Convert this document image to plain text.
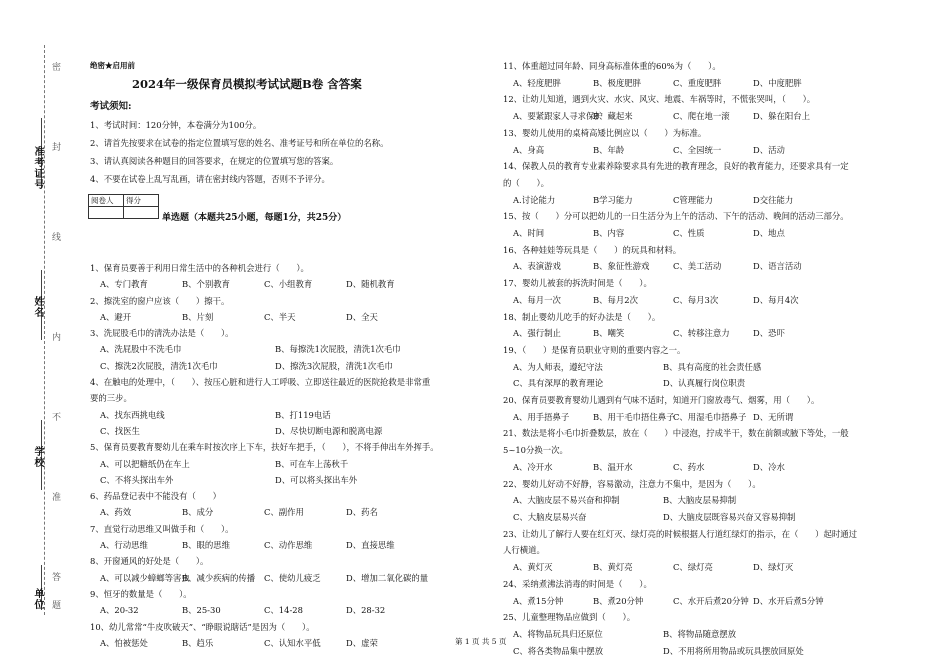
准考证号
姓名
学校
单位
密
封
线
内
不
准
答
题
绝密★启用前
2024年一级保育员模拟考试试题B卷 含答案
考试须知:

1、考试时间：120分钟，本卷满分为100分。

2、请首先按要求在试卷的指定位置填写您的姓名、准考证号和所在单位的名称。

3、请认真阅读各种题目的回答要求，在规定的位置填写您的答案。

4、不要在试卷上乱写乱画，请在密封线内答题，否则不予评分。

阅卷人	得分

单选题（本题共25小题，每题1分，共25分）

1、保育员要善于利用日常生活中的各种机会进行（　　）。

A、专门教育	B、个别教育	C、小组教育	D、随机教育

2、擦洗室的窗户应该（　　）擦干。

A、避开	B、片刻	C、半天	D、全天

3、洗屁股毛巾的清洗办法是（　　）。

A、洗屁股中不洗毛巾	B、每擦洗1次屁股，清洗1次毛巾

C、擦洗2次屁股，清洗1次毛巾	D、擦洗3次屁股，清洗1次毛巾

4、在触电的处理中，（　　）、按压心脏和进行人工呼吸、立即送往最近的医院抢救是非常重

要的三步。

A、找东西挑电线	B、打119电话

C、找医生	D、尽快切断电源和脱离电源

5、保育员要教育婴幼儿在乘车时按次序上下车，扶好车把手，（　　），不将手伸出车外挥手。

A、可以把糖纸仍在车上	B、可在车上荡秋千

C、不将头探出车外	D、可以将头探出车外

6、药品登记表中不能没有（　　）

A、药效	B、成分	C、副作用	D、药名

7、直觉行动思维又叫做手和（　　）。

A、行动思维	B、眼的思维	C、动作思维	D、直接思维

8、开窗通风的好处是（　　）。

A、可以减少蟑螂等害虫
B、减少疾病的传播	C、使幼儿疲乏	D、增加二氧化碳的量

9、恒牙的数量是（　　）。

A、20-32	B、25-30	C、14-28	D、28-32

10、幼儿常常“牛皮吹破天”、“睁眼说瞎话”是因为（　　）。

A、怕被惩处	B、趋乐	C、认知水平低	D、虚荣

11、体重超过同年龄、同身高标准体重的60%为（　　）。

A、轻度肥胖	B、极度肥胖	C、重度肥胖	D、中度肥胖

12、让幼儿知道，遇到火灾、水灾、风灾、地震、车祸等时，不慌张哭叫，（　　）。

A、要紧跟家人寻求保护
B、藏起来	C、爬在地一滚	D、躲在阳台上

13、婴幼儿使用的桌椅高矮比例应以（　　）为标准。

A、身高	B、年龄	C、全园统一	D、活动

14、保教人员的教育专业素养除要求具有先进的教育理念，良好的教育能力，还要求具有一定

的（　　）。

A.讨论能力	B学习能力	C管理能力	D交往能力

15、按（　　）分可以把幼儿的一日生活分为上午的活动、下午的活动、晚间的活动三部分。

A、时间	B、内容	C、性质	D、地点

16、各种娃娃等玩具是（　　）的玩具和材料。

A、表演游戏	B、象征性游戏	C、美工活动	D、语言活动

17、婴幼儿被套的拆洗时间是（　　）。

A、每月一次	B、每月2次	C、每月3次	D、每月4次

18、制止婴幼儿吃手的好办法是（　　）。

A、强行制止	B、嘲笑	C、转移注意力	D、恐吓

19、（　　）是保育员职业守则的重要内容之一。

A、为人师表，遵纪守法	B、具有高度的社会责任感

C、具有深厚的教育理论	D、认真履行岗位职责

20、保育员要教育婴幼儿遇到有气味不适时，知道开门窗放毒气、烟雾，用（　　）。

A、用手捂鼻子	B、用干毛巾捂住鼻子
C、用湿毛巾捂鼻子 D、无所谓

21、数法是将小毛巾折叠数层，放在（　　）中浸泡，拧成半干，数在前额或腋下等处，一般

5~10分换一次。

A、冷开水	B、温开水	C、药水	D、冷水

22、婴幼儿好动不好静，容易激动，注意力不集中，是因为（　　）。

A、大脑皮层不易兴奋和抑制	B、大脑皮层易抑制

C、大脑皮层易兴奋	D、大脑皮层既容易兴奋又容易抑制

23、让幼儿了解行人要在红灯灭、绿灯亮的时候根据人行道红绿灯的指示，在（　　）起时通过

人行横道。

A、黄灯灭	B、黄灯亮	C、绿灯亮	D、绿灯灭

24、采纳煮沸法消毒的时间是（　　）。

A、煮15分钟	B、煮20分钟	C、水开后煮20分钟 D、水开后煮5分钟

25、儿童整理物品应做到（　　）。

A、将物品玩具归还原位	B、将物品随意摆放

C、将各类物品集中摆放	D、不用将所用物品或玩具摆放回原处

第 1 页 共 5 页
